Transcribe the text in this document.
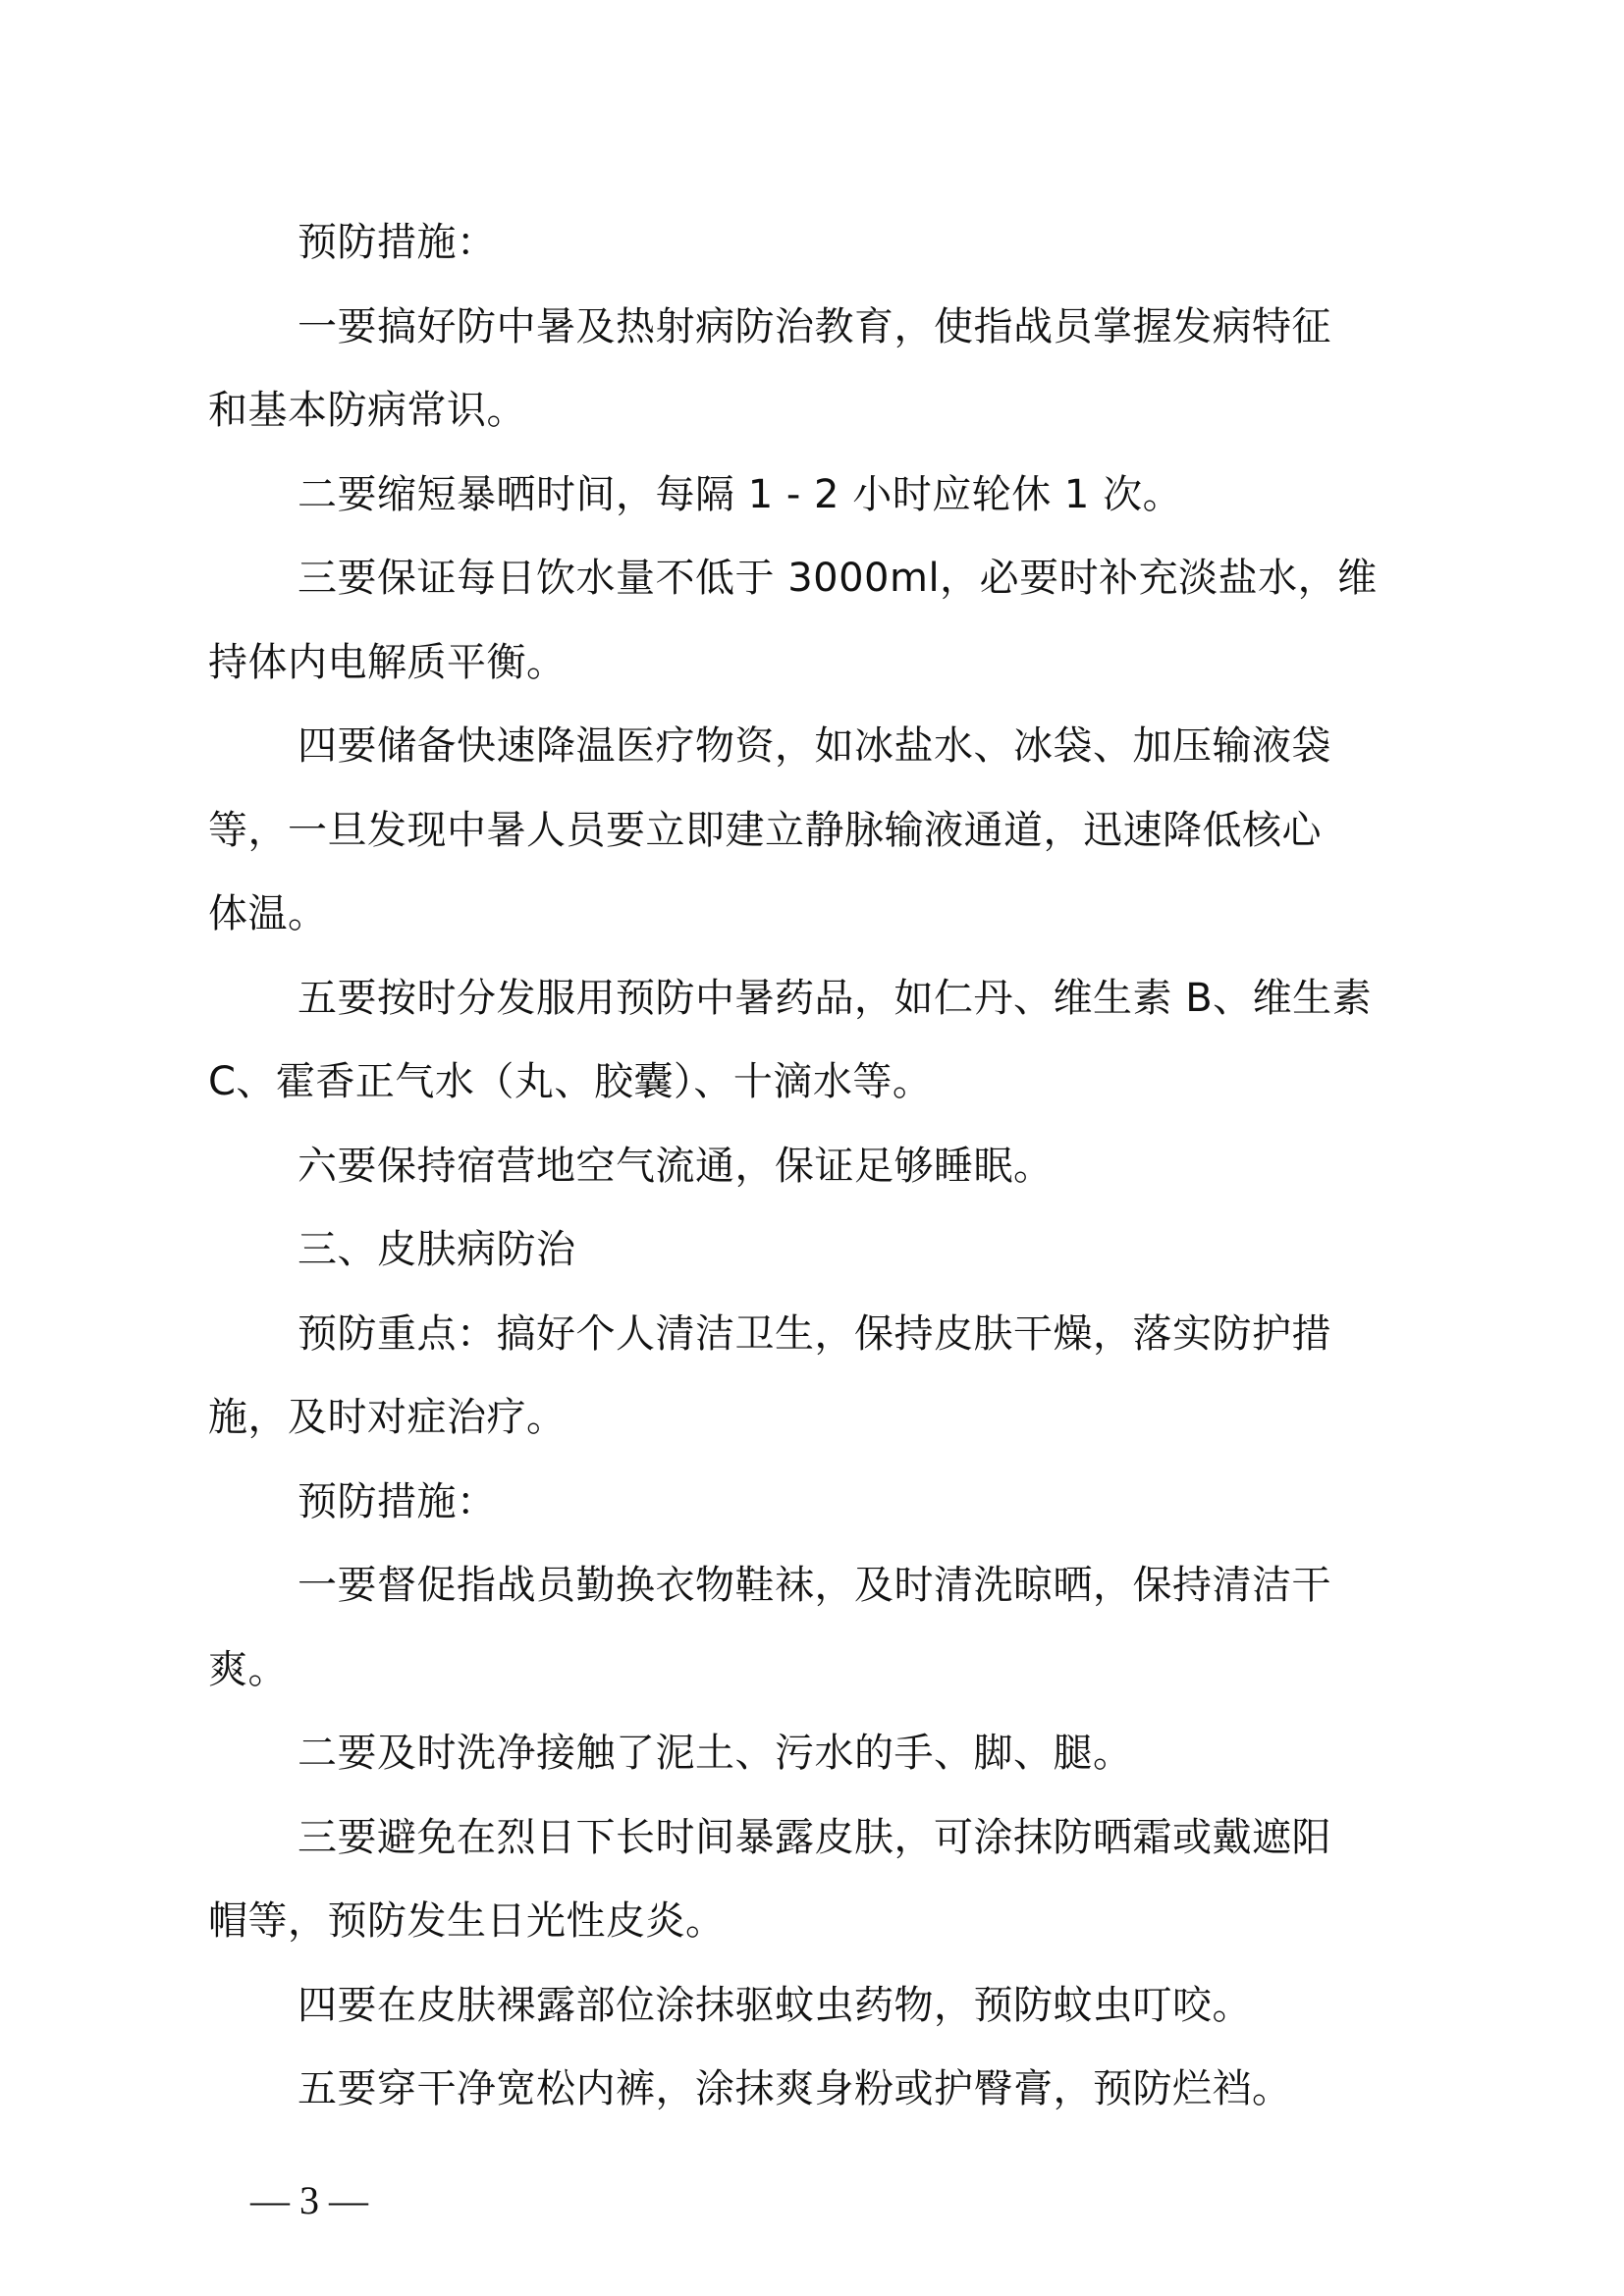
预防措施：
一要搞好防中暑及热射病防治教育，使指战员掌握发病特征
和基本防病常识。
二要缩短暴晒时间，每隔 1 - 2 小时应轮休 1 次。
三要保证每日饮水量不低于 3000ml，必要时补充淡盐水，维
持体内电解质平衡。
四要储备快速降温医疗物资，如冰盐水、冰袋、加压输液袋
等，一旦发现中暑人员要立即建立静脉输液通道，迅速降低核心
体温。
五要按时分发服用预防中暑药品，如仁丹、维生素 B、维生素
C、霍香正气水（丸、胶囊）、十滴水等。
六要保持宿营地空气流通，保证足够睡眠。
三、皮肤病防治
预防重点：搞好个人清洁卫生，保持皮肤干燥，落实防护措
施，及时对症治疗。
预防措施：
一要督促指战员勤换衣物鞋袜，及时清洗晾晒，保持清洁干
爽。
二要及时洗净接触了泥土、污水的手、脚、腿。
三要避免在烈日下长时间暴露皮肤，可涂抹防晒霜或戴遮阳
帽等，预防发生日光性皮炎。
四要在皮肤裸露部位涂抹驱蚊虫药物，预防蚊虫叮咬。
五要穿干净宽松内裤，涂抹爽身粉或护臀膏，预防烂裆。
— 3 —
